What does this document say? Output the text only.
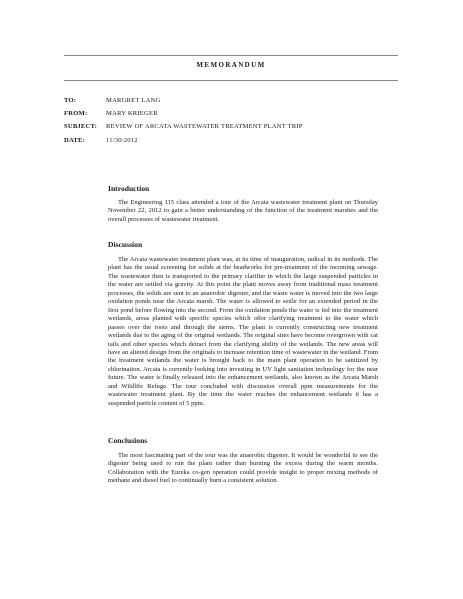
MEMORANDUM
TO:	MARGRET LANG
FROM:	MARY KRIEGER
SUBJECT: REVIEW OF ARCATA WASTEWATER TREATMENT PLANT TRIP
DATE:	11/30/2012
Introduction

The Engineering 115 class attended a tour of the Arcata wastewater treatment plant on Thursday November 22, 2012 to gain a better understanding of the function of the treatment marshes and the overall processes of wastewater treatment.

Discussion

The Arcata wastewater treatment plant was, at its time of inauguration, radical in its methods. The plant has the usual screening for solids at the headworks for pre-treatment of the incoming sewage. The wastewater then is transported to the primary clarifier in which the large suspended particles in the water are settled via gravity. At this point the plant moves away from traditional mass treatment processes, the solids are sent to an anaerobic digester, and the waste water is moved into the two large oxidation ponds near the Arcata marsh. The water is allowed to settle for an extended period in the first pond before flowing into the second. From the oxidation ponds the water is fed into the treatment wetlands, areas planted with specific species which offer clarifying treatment to the water which passes over the roots and through the stems. The plant is currently constructing new treatment wetlands due to the aging of the original wetlands. The original sites have become overgrown with cat tails and other species which detract from the clarifying ability of the wetlands. The new areas will have an altered design from the originals to increase retention time of wastewater in the wetland. From the treatment wetlands the water is brought back to the main plant operation to be sanitized by chlorination. Arcata is currently looking into investing in UV light sanitation technology for the near future. The water is finally released into the enhancement wetlands, also known as the Arcata Marsh and Wildlife Refuge. The tour concluded with discussion overall ppm measurements for the wastewater treatment plant. By the time the water reaches the enhancement wetlands it has a suspended particle content of 5 ppm.

Conclusions

The most fascinating part of the tour was the anaerobic digester. It would be wonderful to see the digester being used to run the plant rather than burning the excess during the warm months. Collaboration with the Eureka co-gen operation could provide insight to proper mixing methods of methane and diesel fuel to continually burn a consistent solution.
